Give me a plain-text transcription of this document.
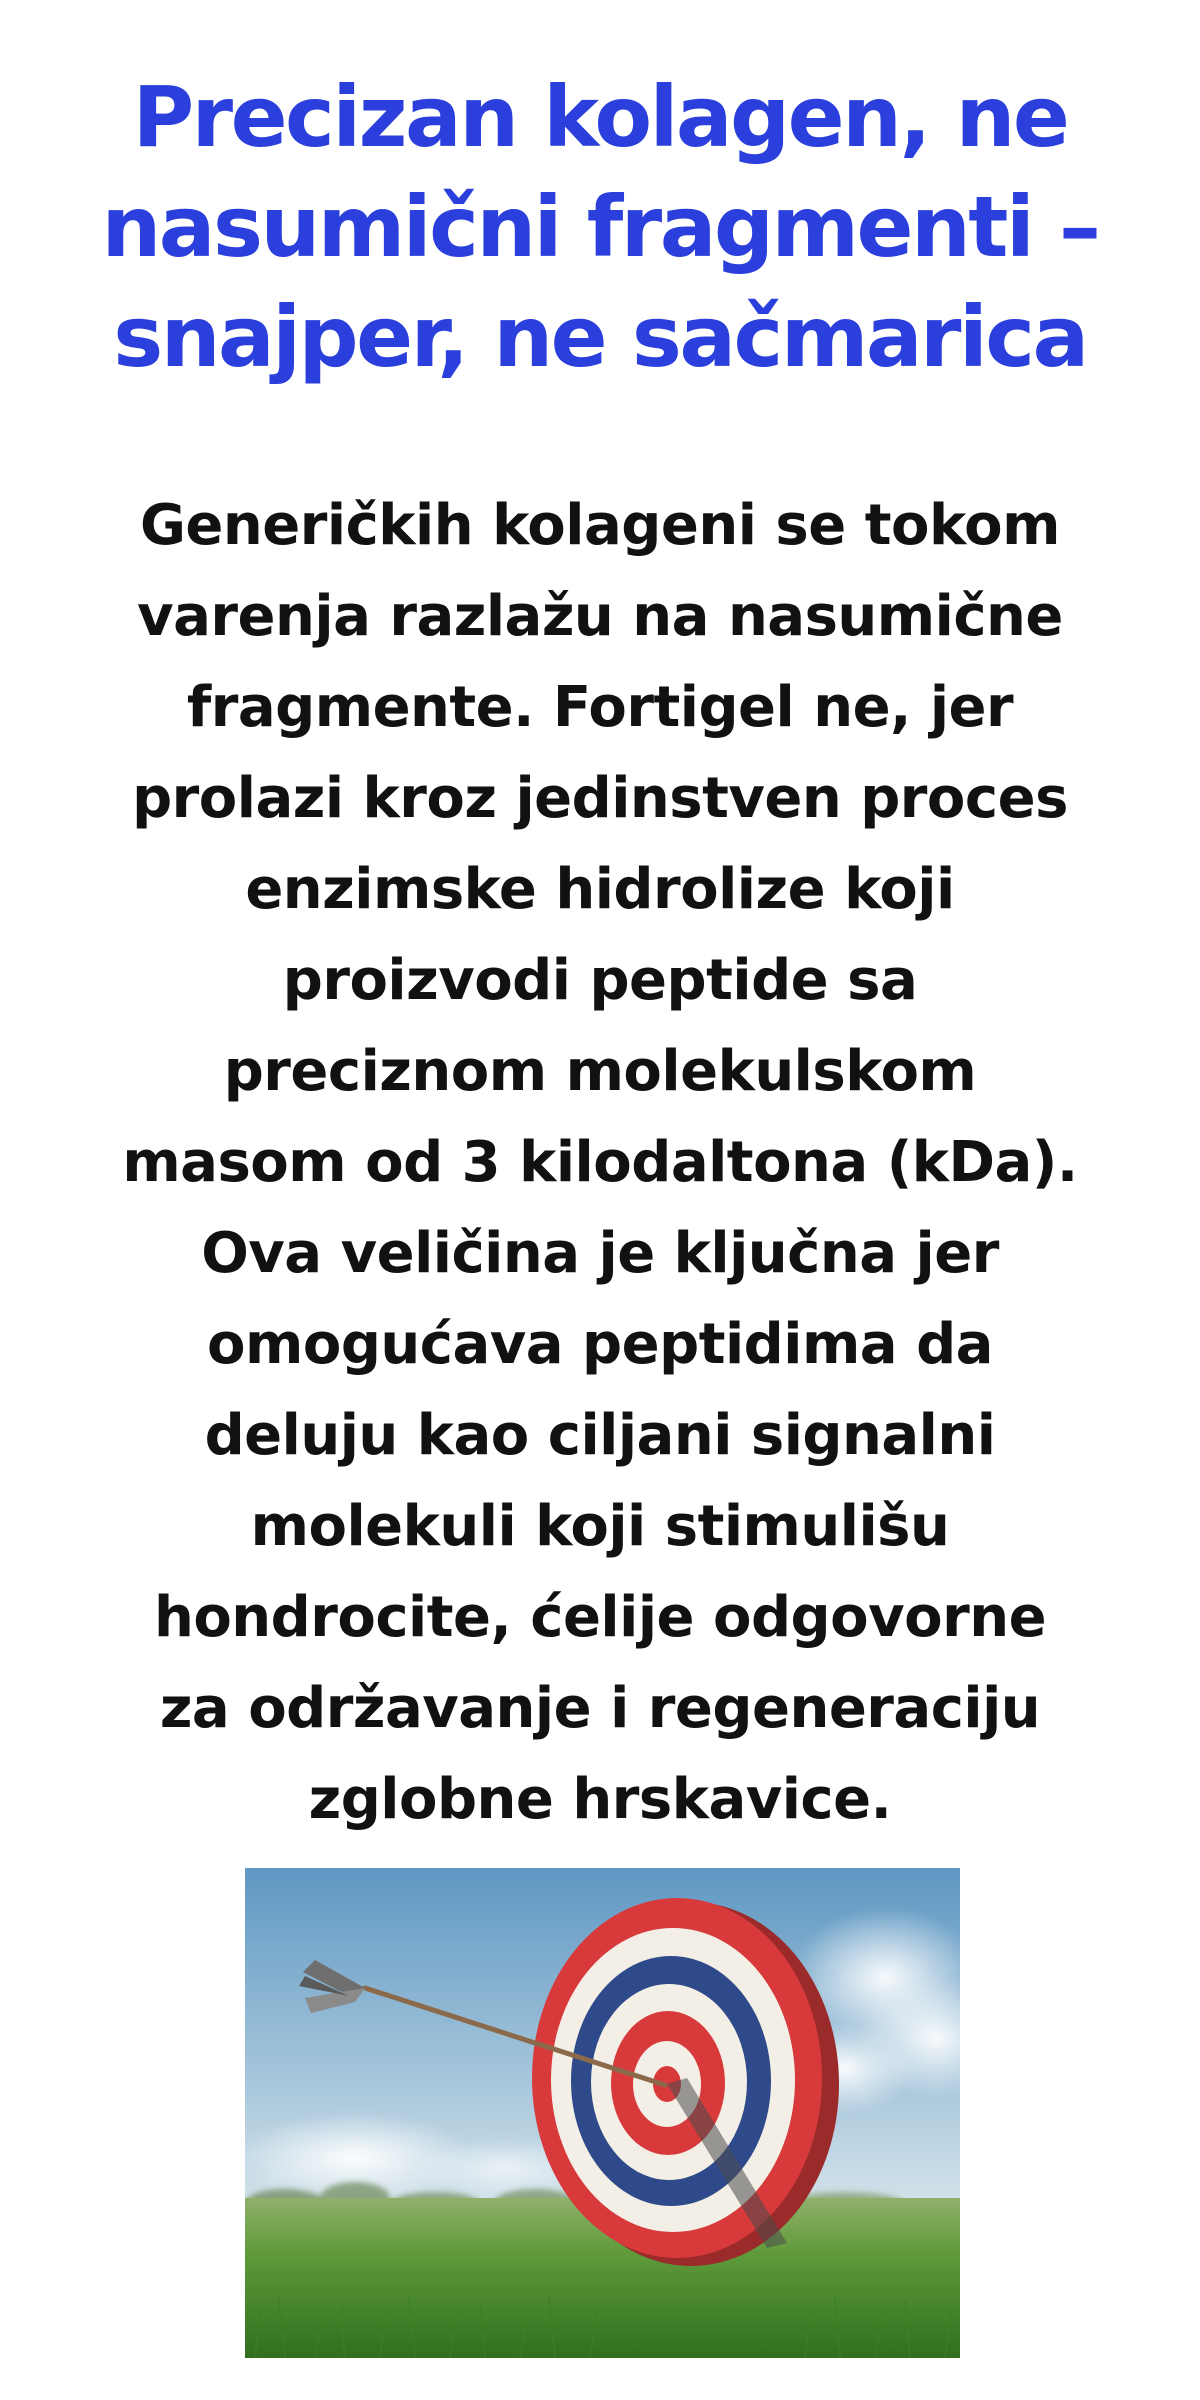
Precizan kolagen, ne
nasumični fragmenti –
snajper, ne sačmarica

Generičkih kolageni se tokom
varenja razlažu na nasumične
fragmente. Fortigel ne, jer
prolazi kroz jedinstven proces
enzimske hidrolize koji
proizvodi peptide sa
preciznom molekulskom
masom od 3 kilodaltona (kDa).
Ova veličina je ključna jer
omogućava peptidima da
deluju kao ciljani signalni
molekuli koji stimulišu
hondrocite, ćelije odgovorne
za održavanje i regeneraciju
zglobne hrskavice.
